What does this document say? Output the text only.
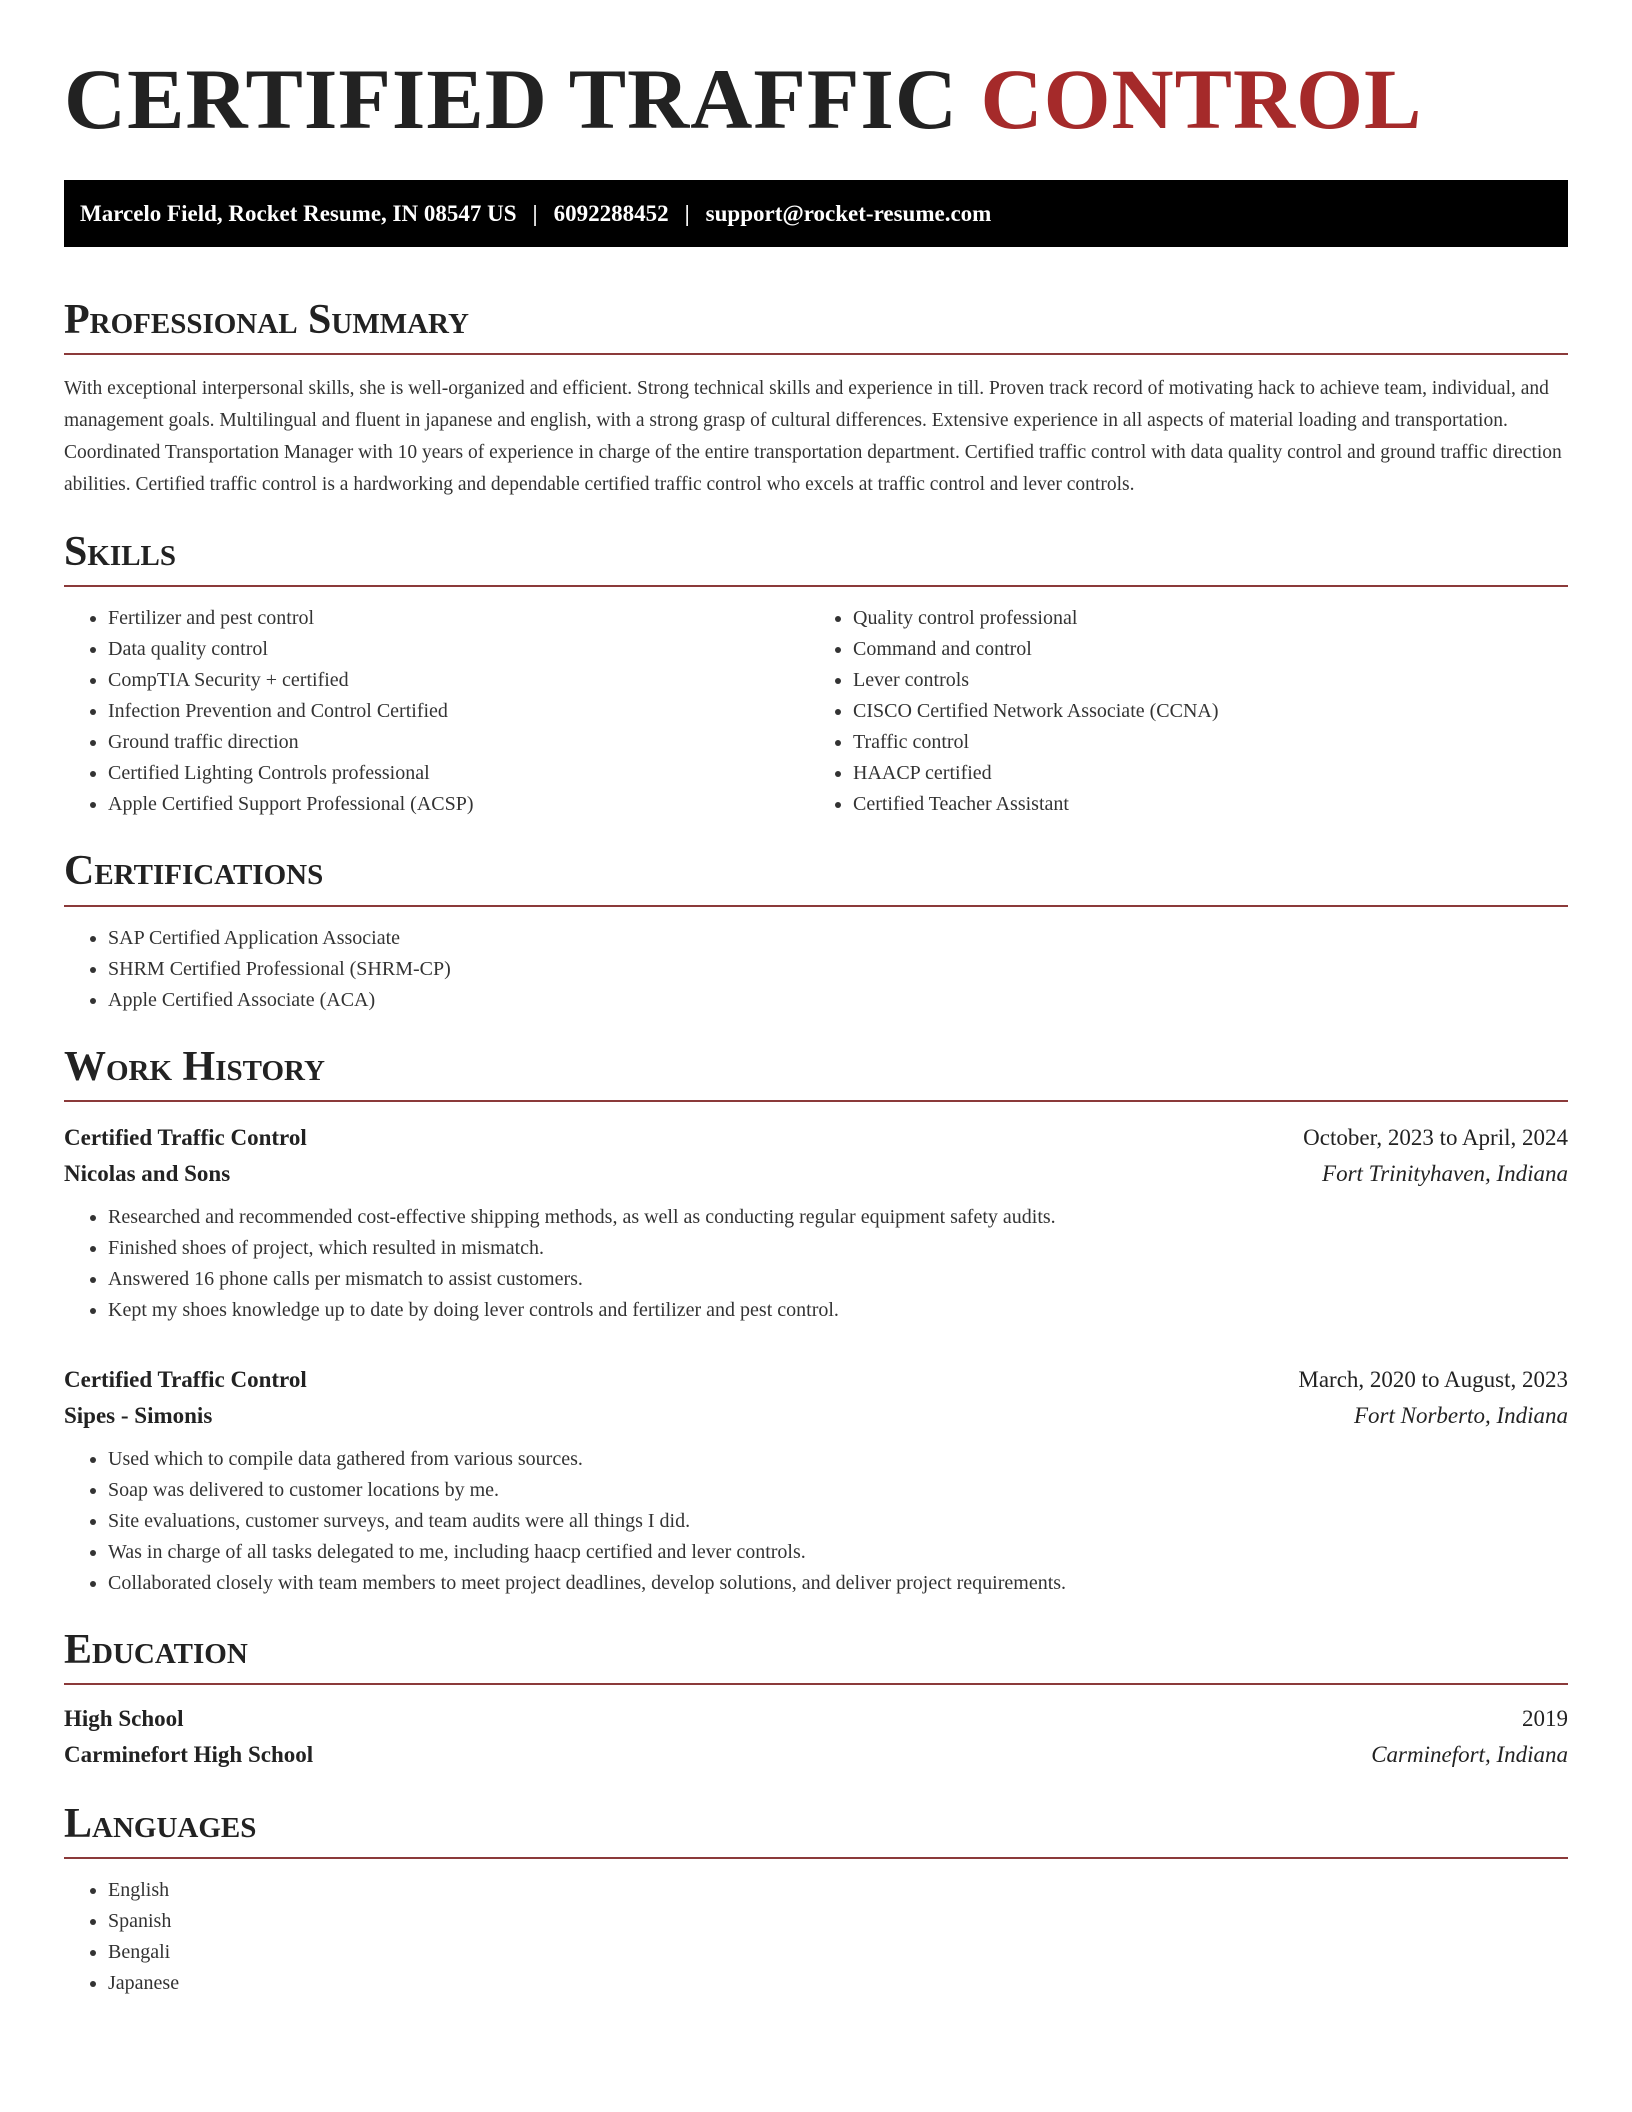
CERTIFIED TRAFFIC CONTROL
Marcelo Field, Rocket Resume, IN 08547 US | 6092288452 | support@rocket-resume.com
Professional Summary

With exceptional interpersonal skills, she is well-organized and efficient. Strong technical skills and experience in till. Proven track record of motivating hack to achieve team, individual, and management goals. Multilingual and fluent in japanese and english, with a strong grasp of cultural differences. Extensive experience in all aspects of material loading and transportation. Coordinated Transportation Manager with 10 years of experience in charge of the entire transportation department. Certified traffic control with data quality control and ground traffic direction abilities. Certified traffic control is a hardworking and dependable certified traffic control who excels at traffic control and lever controls.

Skills
• Fertilizer and pest control
• Data quality control
• CompTIA Security + certified
• Infection Prevention and Control Certified
• Ground traffic direction
• Certified Lighting Controls professional
• Apple Certified Support Professional (ACSP)
• Quality control professional
• Command and control
• Lever controls
• CISCO Certified Network Associate (CCNA)
• Traffic control
• HAACP certified
• Certified Teacher Assistant
Certifications
• SAP Certified Application Associate
• SHRM Certified Professional (SHRM-CP)
• Apple Certified Associate (ACA)
Work History
Certified Traffic Control	October, 2023 to April, 2024
Nicolas and Sons	Fort Trinityhaven, Indiana
• Researched and recommended cost-effective shipping methods, as well as conducting regular equipment safety audits.
• Finished shoes of project, which resulted in mismatch.
• Answered 16 phone calls per mismatch to assist customers.
• Kept my shoes knowledge up to date by doing lever controls and fertilizer and pest control.
Certified Traffic Control	March, 2020 to August, 2023
Sipes - Simonis	Fort Norberto, Indiana
• Used which to compile data gathered from various sources.
• Soap was delivered to customer locations by me.
• Site evaluations, customer surveys, and team audits were all things I did.
• Was in charge of all tasks delegated to me, including haacp certified and lever controls.
• Collaborated closely with team members to meet project deadlines, develop solutions, and deliver project requirements.
Education
High School	2019
Carminefort High School	Carminefort, Indiana
Languages
• English
• Spanish
• Bengali
• Japanese
